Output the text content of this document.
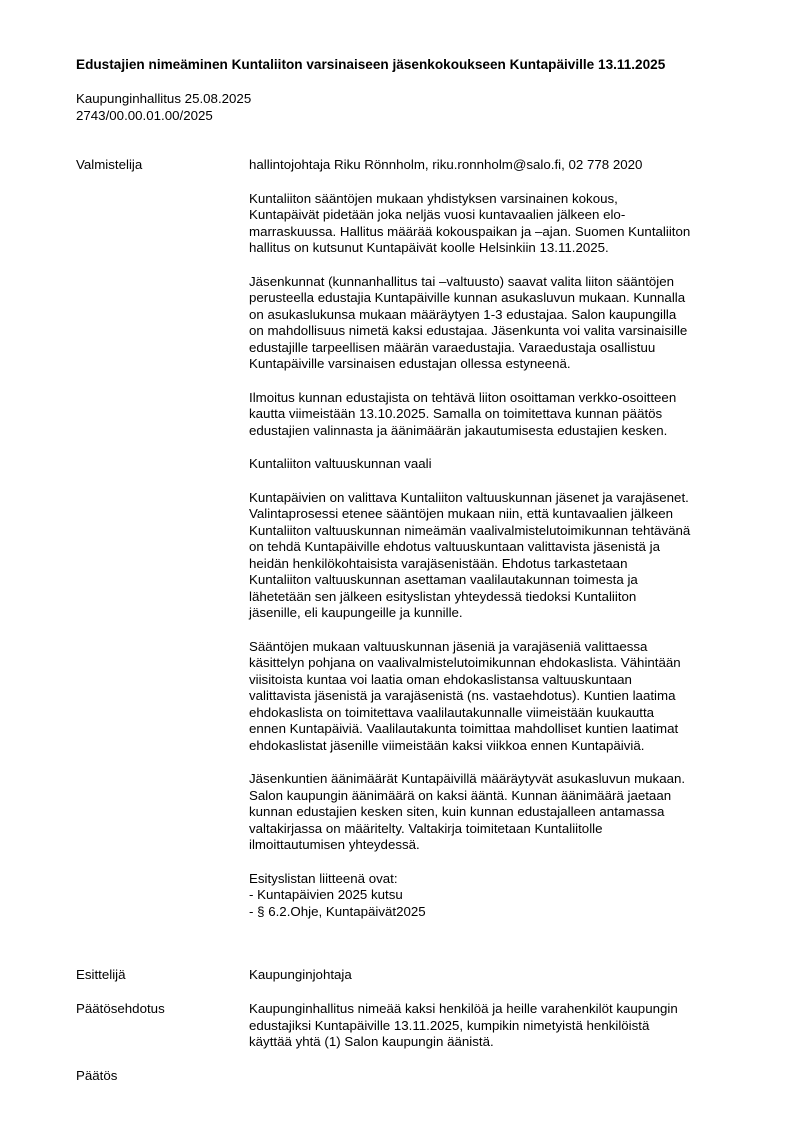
Edustajien nimeäminen Kuntaliiton varsinaiseen jäsenkokoukseen Kuntapäiville 13.11.2025
Kaupunginhallitus 25.08.2025
2743/00.00.01.00/2025
Valmistelija	hallintojohtaja Riku Rönnholm, riku.ronnholm@salo.fi, 02 778 2020

Kuntaliiton sääntöjen mukaan yhdistyksen varsinainen kokous,
Kuntapäivät pidetään joka neljäs vuosi kuntavaalien jälkeen elo-
marraskuussa. Hallitus määrää kokouspaikan ja –ajan. Suomen Kuntaliiton
hallitus on kutsunut Kuntapäivät koolle Helsinkiin 13.11.2025.

Jäsenkunnat (kunnanhallitus tai –valtuusto) saavat valita liiton sääntöjen
perusteella edustajia Kuntapäiville kunnan asukasluvun mukaan. Kunnalla
on asukaslukunsa mukaan määräytyen 1-3 edustajaa. Salon kaupungilla
on mahdollisuus nimetä kaksi edustajaa. Jäsenkunta voi valita varsinaisille
edustajille tarpeellisen määrän varaedustajia. Varaedustaja osallistuu
Kuntapäiville varsinaisen edustajan ollessa estyneenä.

Ilmoitus kunnan edustajista on tehtävä liiton osoittaman verkko-osoitteen
kautta viimeistään 13.10.2025. Samalla on toimitettava kunnan päätös
edustajien valinnasta ja äänimäärän jakautumisesta edustajien kesken.

Kuntaliiton valtuuskunnan vaali

Kuntapäivien on valittava Kuntaliiton valtuuskunnan jäsenet ja varajäsenet.
Valintaprosessi etenee sääntöjen mukaan niin, että kuntavaalien jälkeen
Kuntaliiton valtuuskunnan nimeämän vaalivalmistelutoimikunnan tehtävänä
on tehdä Kuntapäiville ehdotus valtuuskuntaan valittavista jäsenistä ja
heidän henkilökohtaisista varajäsenistään. Ehdotus tarkastetaan
Kuntaliiton valtuuskunnan asettaman vaalilautakunnan toimesta ja
lähetetään sen jälkeen esityslistan yhteydessä tiedoksi Kuntaliiton
jäsenille, eli kaupungeille ja kunnille.

Sääntöjen mukaan valtuuskunnan jäseniä ja varajäseniä valittaessa
käsittelyn pohjana on vaalivalmistelutoimikunnan ehdokaslista. Vähintään
viisitoista kuntaa voi laatia oman ehdokaslistansa valtuuskuntaan
valittavista jäsenistä ja varajäsenistä (ns. vastaehdotus). Kuntien laatima
ehdokaslista on toimitettava vaalilautakunnalle viimeistään kuukautta
ennen Kuntapäiviä. Vaalilautakunta toimittaa mahdolliset kuntien laatimat
ehdokaslistat jäsenille viimeistään kaksi viikkoa ennen Kuntapäiviä.

Jäsenkuntien äänimäärät Kuntapäivillä määräytyvät asukasluvun mukaan.
Salon kaupungin äänimäärä on kaksi ääntä. Kunnan äänimäärä jaetaan
kunnan edustajien kesken siten, kuin kunnan edustajalleen antamassa
valtakirjassa on määritelty. Valtakirja toimitetaan Kuntaliitolle
ilmoittautumisen yhteydessä.

Esityslistan liitteenä ovat:
- Kuntapäivien 2025 kutsu
- § 6.2.Ohje, Kuntapäivät2025

Esittelijä	Kaupunginjohtaja
Päätösehdotus	Kaupunginhallitus nimeää kaksi henkilöä ja heille varahenkilöt kaupungin
edustajiksi Kuntapäiville 13.11.2025, kumpikin nimetyistä henkilöistä
käyttää yhtä (1) Salon kaupungin äänistä.
Päätös
